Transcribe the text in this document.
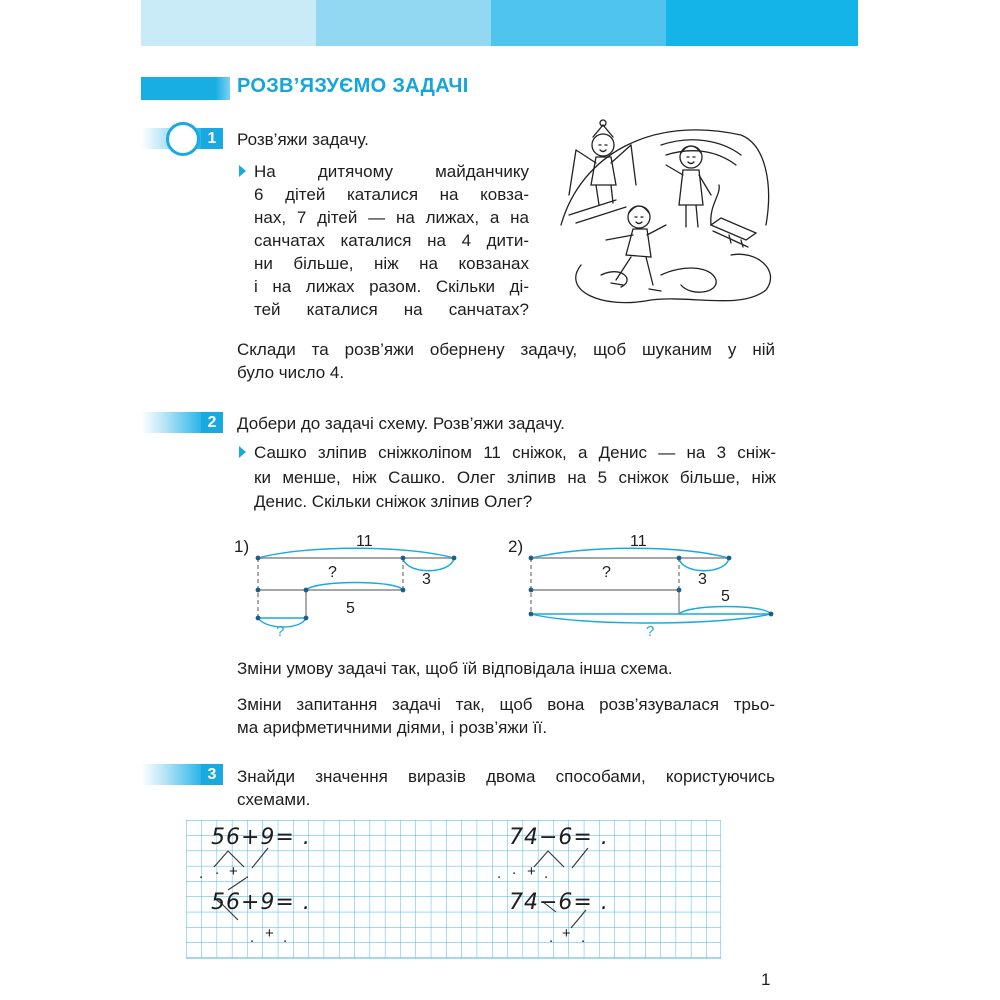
РОЗВ’ЯЗУЄМО ЗАДАЧІ
1	Розв’яжи задачу.
На дитячому майданчику
6 дітей каталися на ковза-
нах, 7 дітей — на лижах, а на
санчатах каталися на 4 дити-
ни більше, ніж на ковзанах
і на лижах разом. Скільки ді-
тей каталися на санчатах?
Склади та розв’яжи обернену задачу, щоб шуканим у ній
було число 4.
2	Добери до задачі схему. Розв’яжи задачу.
Сашко зліпив сніжколіпом 11 сніжок, а Денис — на 3 сніж-
ки менше, ніж Сашко. Олег зліпив на 5 сніжок більше, ніж
Денис. Скільки сніжок зліпив Олег?
1)	11
?	3
5
?
2)	11
?	3
5
?
Зміни умову задачі так, щоб їй відповідала інша схема.
Зміни запитання задачі так, щоб вона розв’язувалася трьо-
ма арифметичними діями, і розв’яжи її.
3	Знайди значення виразів двома способами, користуючись
схемами.
56+9= .
. . + .
56+9= .
. + .
74−6= .
. . + .
74−6= .
. + .
1
